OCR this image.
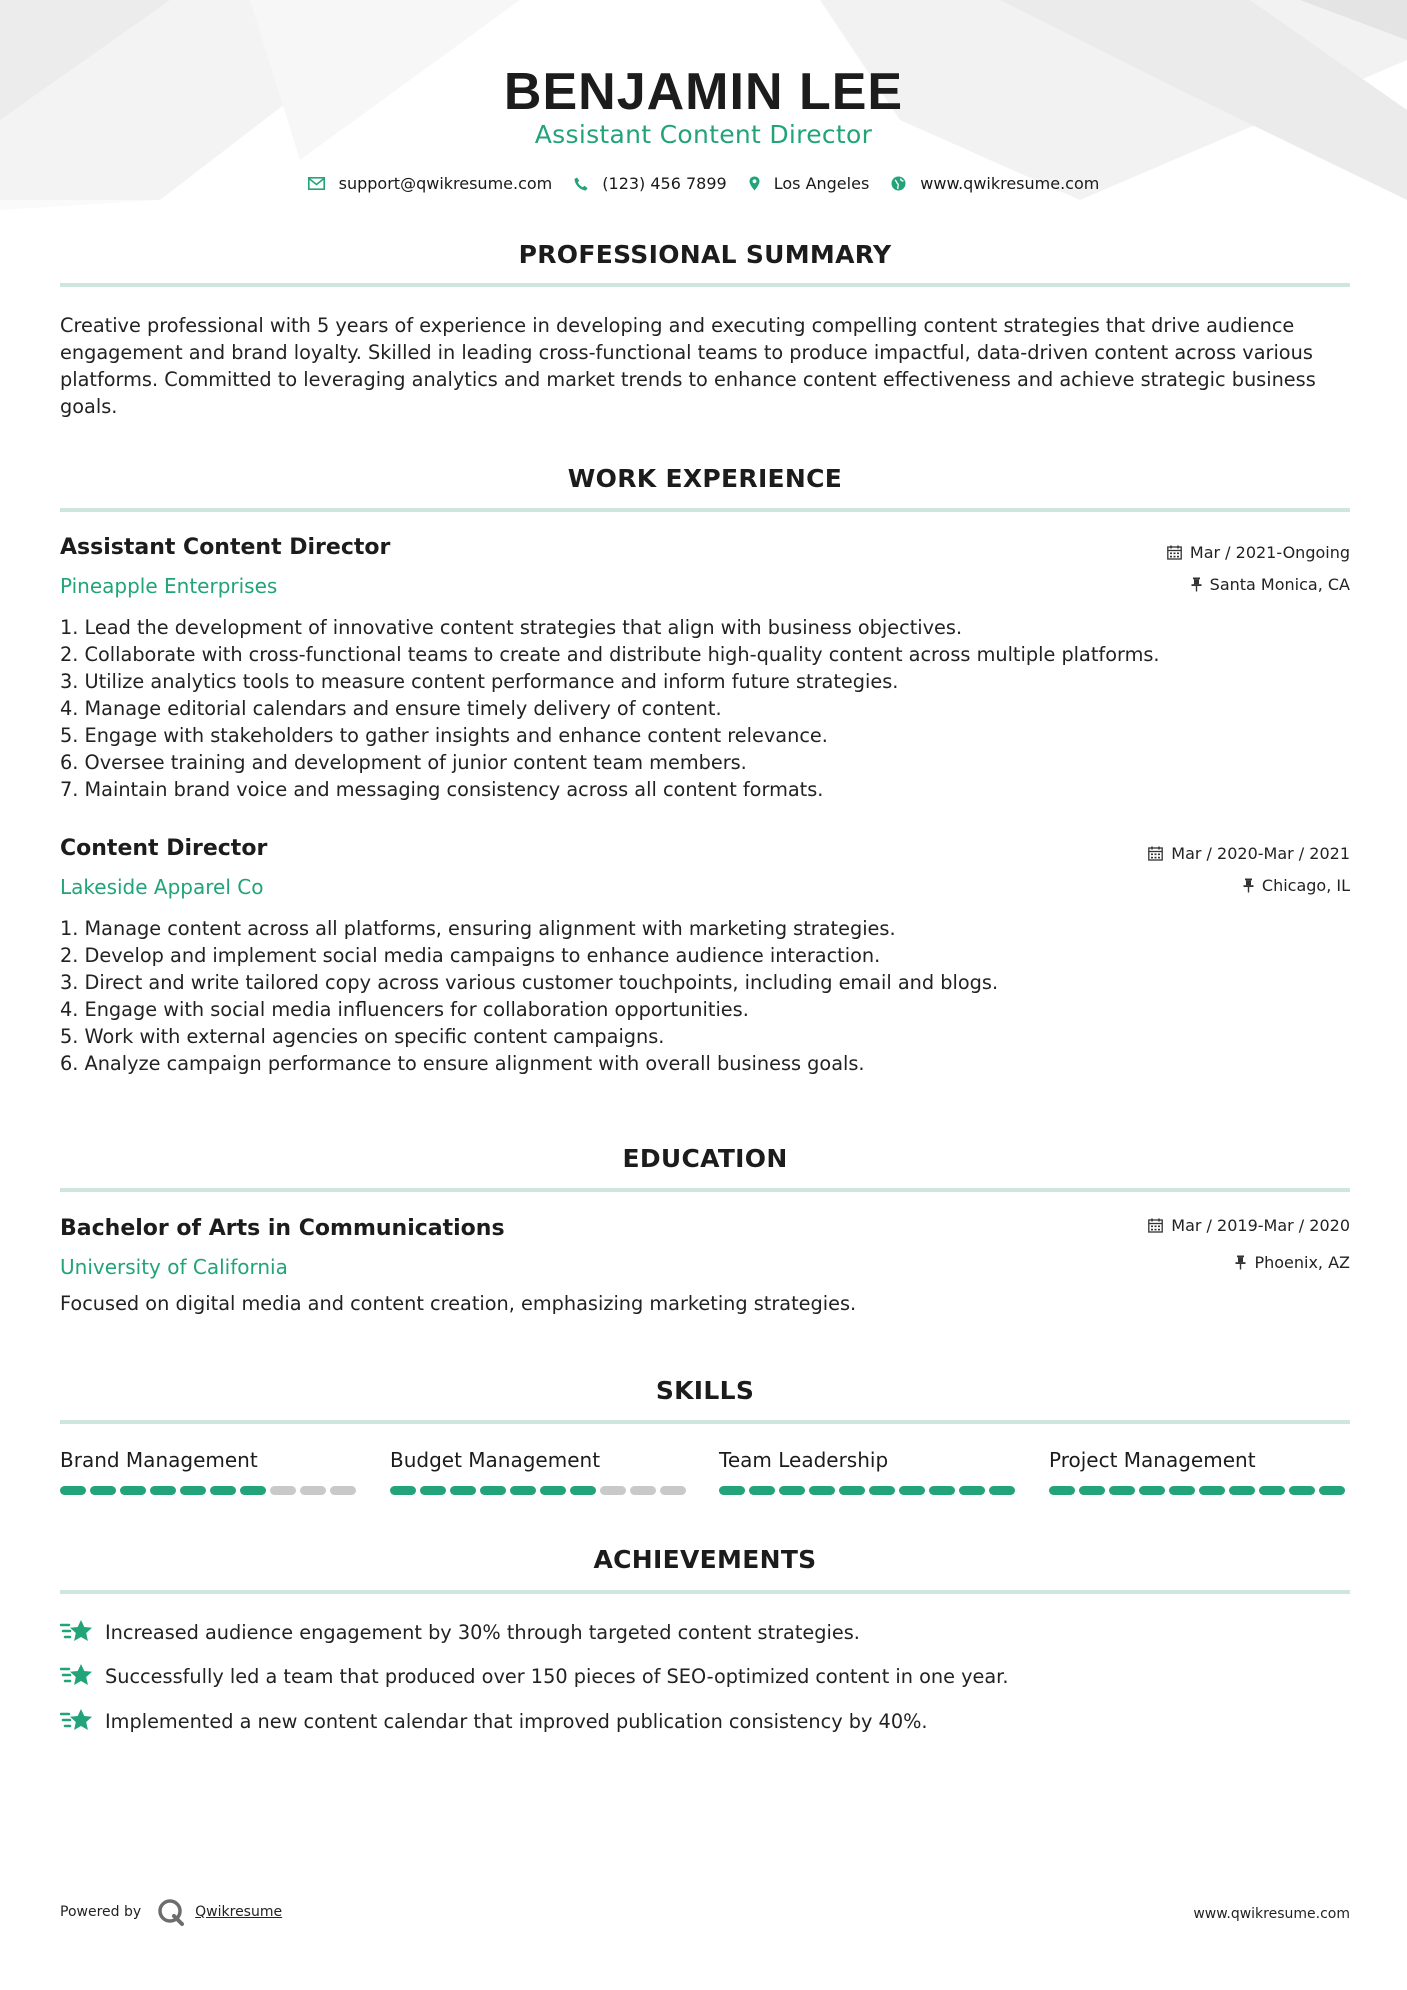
BENJAMIN LEE
Assistant Content Director
support@qwikresume.com	(123) 456 7899	Los Angeles	www.qwikresume.com
PROFESSIONAL SUMMARY
Creative professional with 5 years of experience in developing and executing compelling content strategies that drive audience engagement and brand loyalty. Skilled in leading cross-functional teams to produce impactful, data-driven content across various platforms. Committed to leveraging analytics and market trends to enhance content effectiveness and achieve strategic business goals.
WORK EXPERIENCE
Assistant Content Director
Pineapple Enterprises
Mar / 2021-Ongoing
Santa Monica, CA
1. Lead the development of innovative content strategies that align with business objectives.
2. Collaborate with cross-functional teams to create and distribute high-quality content across multiple platforms.
3. Utilize analytics tools to measure content performance and inform future strategies.
4. Manage editorial calendars and ensure timely delivery of content.
5. Engage with stakeholders to gather insights and enhance content relevance.
6. Oversee training and development of junior content team members.
7. Maintain brand voice and messaging consistency across all content formats.
Content Director
Lakeside Apparel Co
Mar / 2020-Mar / 2021
Chicago, IL
1. Manage content across all platforms, ensuring alignment with marketing strategies.
2. Develop and implement social media campaigns to enhance audience interaction.
3. Direct and write tailored copy across various customer touchpoints, including email and blogs.
4. Engage with social media influencers for collaboration opportunities.
5. Work with external agencies on specific content campaigns.
6. Analyze campaign performance to ensure alignment with overall business goals.
EDUCATION
Bachelor of Arts in Communications
University of California
Mar / 2019-Mar / 2020
Phoenix, AZ
Focused on digital media and content creation, emphasizing marketing strategies.
SKILLS
Brand Management	Budget Management	Team Leadership	Project Management
ACHIEVEMENTS
Increased audience engagement by 30% through targeted content strategies.
Successfully led a team that produced over 150 pieces of SEO-optimized content in one year.
Implemented a new content calendar that improved publication consistency by 40%.
Powered by	Qwikresume	www.qwikresume.com
